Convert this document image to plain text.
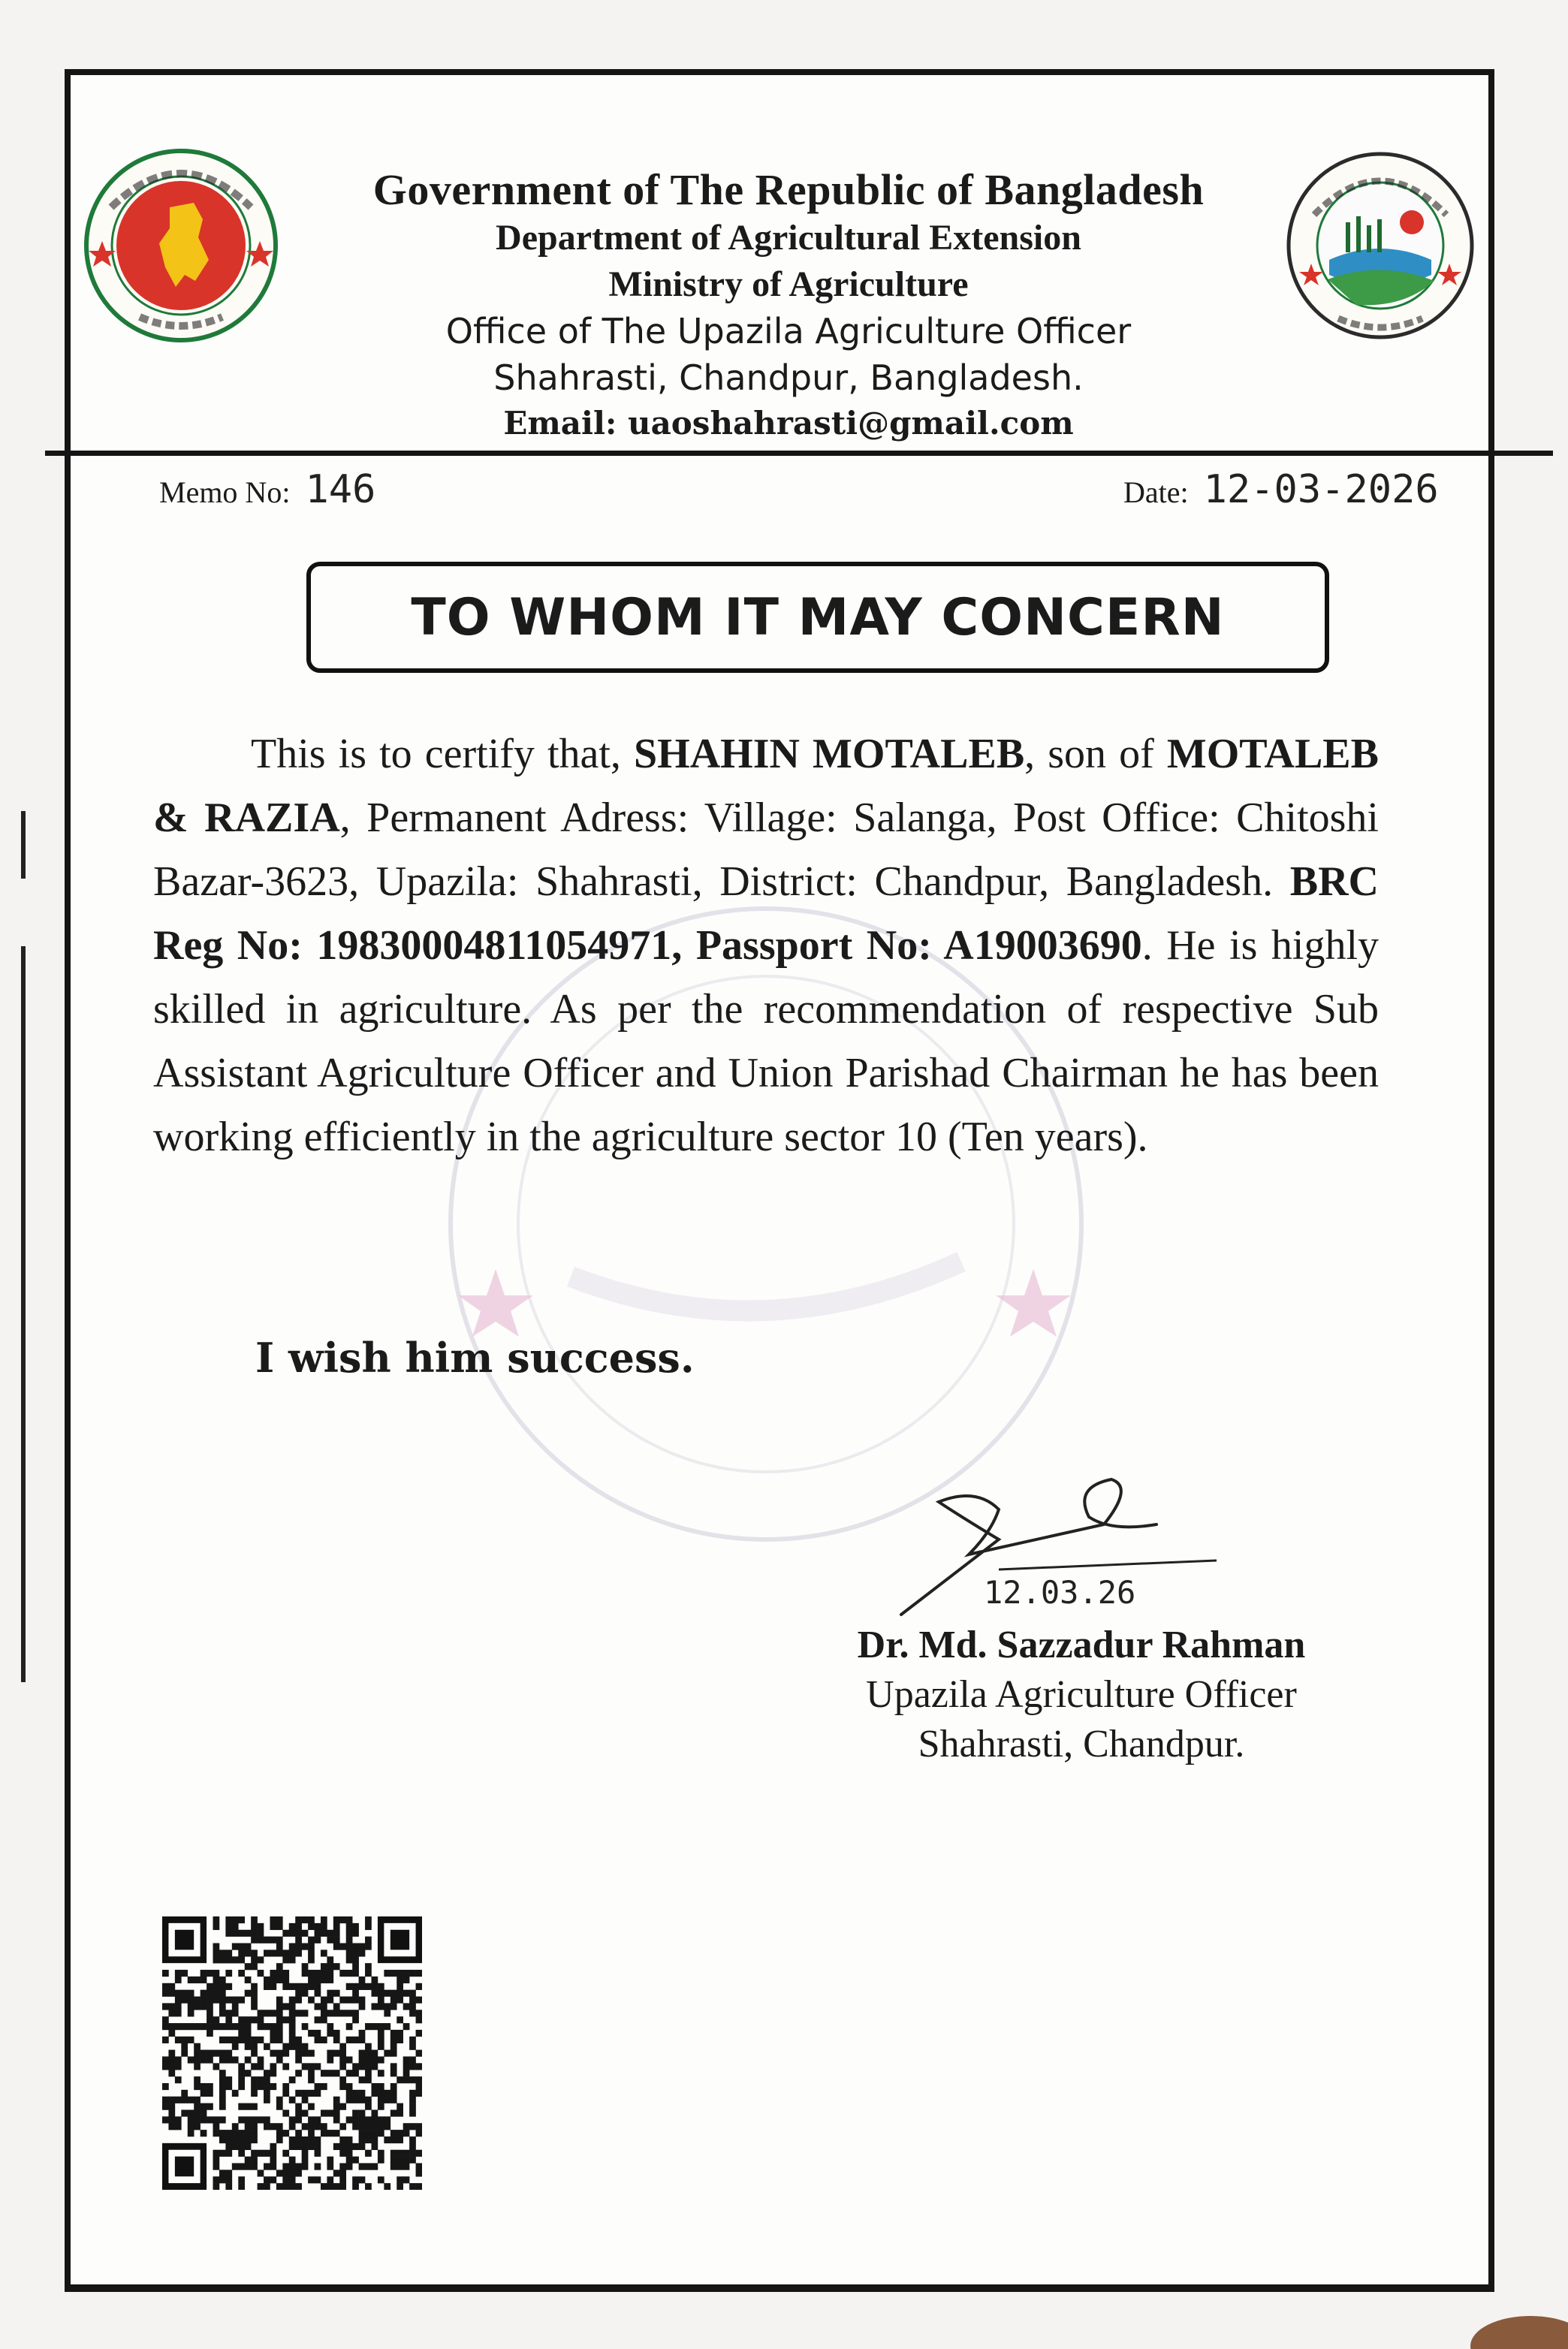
Government of The Republic of Bangladesh
Department of Agricultural Extension
Ministry of Agriculture
Office of The Upazila Agriculture Officer
Shahrasti, Chandpur, Bangladesh.
Email: uaoshahrasti@gmail.com
Memo No: 146	Date: 12-03-2026
TO WHOM IT MAY CONCERN
This is to certify that, SHAHIN MOTALEB, son of MOTALEB & RAZIA, Permanent Adress: Village: Salanga, Post Office: Chitoshi Bazar-3623, Upazila: Shahrasti, District: Chandpur, Bangladesh. BRC Reg No: 19830004811054971, Passport No: A19003690. He is highly skilled in agriculture. As per the recommendation of respective Sub Assistant Agriculture Officer and Union Parishad Chairman he has been working efficiently in the agriculture sector 10 (Ten years).
I wish him success.
12.03.26
Dr. Md. Sazzadur Rahman
Upazila Agriculture Officer
Shahrasti, Chandpur.
